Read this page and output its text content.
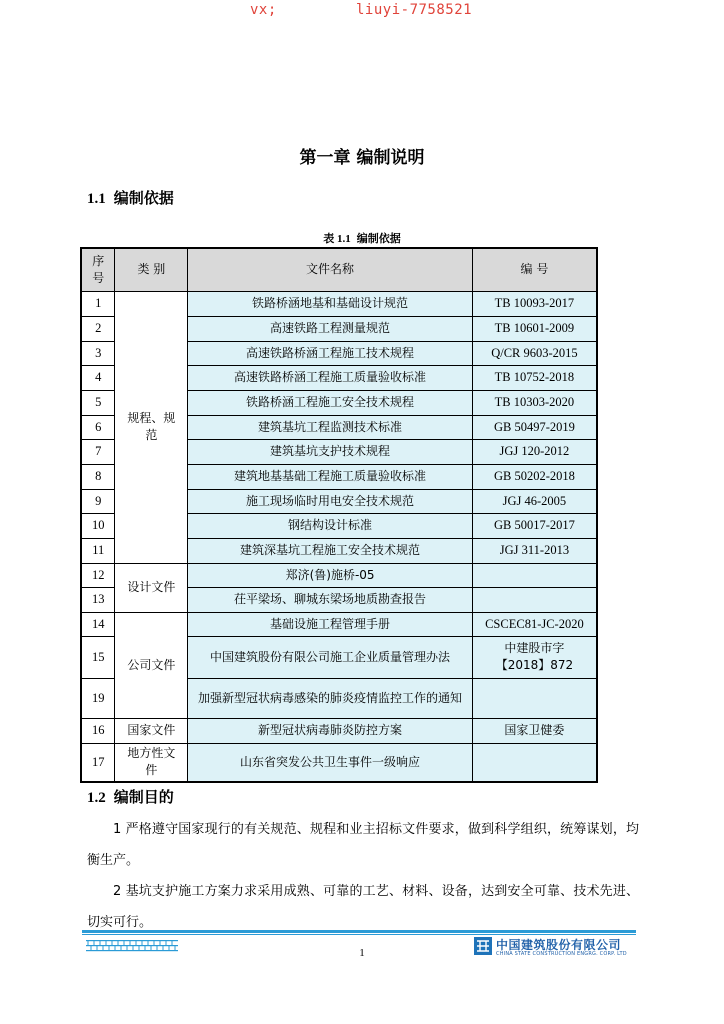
vx;	liuyi-7758521
第一章 编制说明
1.1 编制依据
表 1.1 编制依据
序号	类 别	文件名称	编 号
1	规程、规范	铁路桥涵地基和基础设计规范	TB 10093-2017
2		高速铁路工程测量规范	TB 10601-2009
3		高速铁路桥涵工程施工技术规程	Q/CR 9603-2015
4		高速铁路桥涵工程施工质量验收标准	TB 10752-2018
5		铁路桥涵工程施工安全技术规程	TB 10303-2020
6		建筑基坑工程监测技术标准	GB 50497-2019
7		建筑基坑支护技术规程	JGJ 120-2012
8		建筑地基基础工程施工质量验收标准	GB 50202-2018
9		施工现场临时用电安全技术规范	JGJ 46-2005
10		钢结构设计标准	GB 50017-2017
11		建筑深基坑工程施工安全技术规范	JGJ 311-2013
12	设计文件	郑济(鲁)施桥-05	
13		茌平梁场、聊城东梁场地质勘查报告	
14	公司文件	基础设施工程管理手册	CSCEC81-JC-2020
15		中国建筑股份有限公司施工企业质量管理办法	中建股市字
【2018】872

19		加强新型冠状病毒感染的肺炎疫情监控工作的通知	
16	国家文件	新型冠状病毒肺炎防控方案	国家卫健委
17	地方性文件	山东省突发公共卫生事件一级响应	
1.2 编制目的
1 严格遵守国家现行的有关规范、规程和业主招标文件要求，做到科学组织，统筹谋划，均衡生产。
2 基坑支护施工方案力求采用成熟、可靠的工艺、材料、设备，达到安全可靠、技术先进、切实可行。
1
中国建筑股份有限公司
CHINA STATE CONSTRUCTION ENGRG. CORP. LTD
